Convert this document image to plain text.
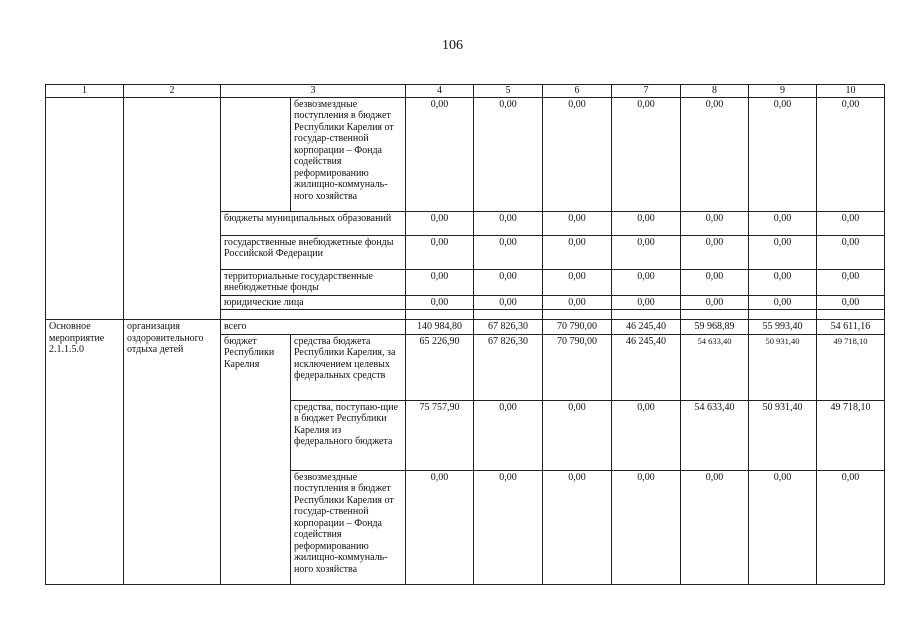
106
1	2	3		4	5	6	7	8	9	10
			безвозмездные поступления в бюджет Республики Карелия от государ-ственной корпорации – Фонда содействия реформированию жилищно-коммуналь-ного хозяйства	0,00	0,00	0,00	0,00	0,00	0,00	0,00
		бюджеты муниципальных образований		0,00	0,00	0,00	0,00	0,00	0,00	0,00
		государственные внебюджетные фонды Российской Федерации		0,00	0,00	0,00	0,00	0,00	0,00	0,00
		территориальные государственные внебюджетные фонды		0,00	0,00	0,00	0,00	0,00	0,00	0,00
		юридические лица		0,00	0,00	0,00	0,00	0,00	0,00	0,00

Основное мероприятие 2.1.1.5.0	организация оздоровительного отдыха детей	всего		140 984,80	67 826,30	70 790,00	46 245,40	59 968,89	55 993,40	54 611,16
		бюджет Республики Карелия	средства бюджета Республики Карелия, за исключением целевых федеральных средств	65 226,90	67 826,30	70 790,00	46 245,40	54 633,40	50 931,40	49 718,10
			средства, поступаю-щие в бюджет Республики Карелия из федерального бюджета	75 757,90	0,00	0,00	0,00	54 633,40	50 931,40	49 718,10
			безвозмездные поступления в бюджет Республики Карелия от государ-ственной корпорации – Фонда содействия реформированию жилищно-коммуналь-ного хозяйства	0,00	0,00	0,00	0,00	0,00	0,00	0,00
